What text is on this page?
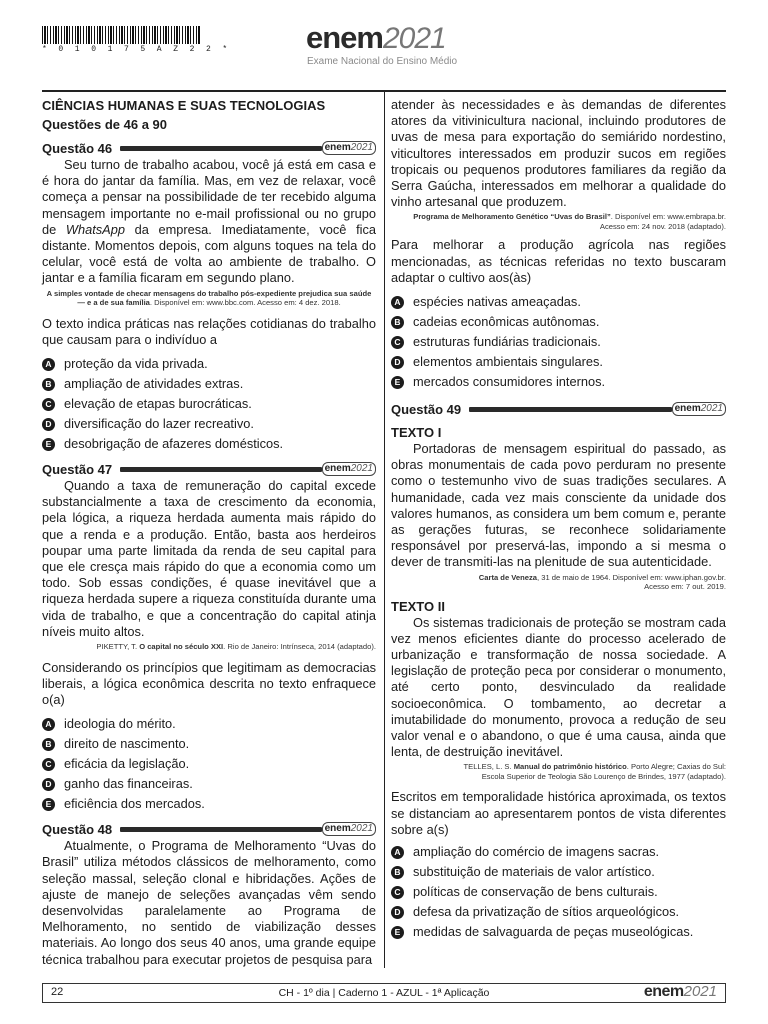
* 0 1 0 1 7 5 A Z 2 2 * enem2021
Exame Nacional do Ensino Médio
CIÊNCIAS HUMANAS E SUAS TECNOLOGIAS
Questões de 46 a 90
Questão 46	enem2021

Seu turno de trabalho acabou, você já está em casa e é hora do jantar da família. Mas, em vez de relaxar, você começa a pensar na possibilidade de ter recebido alguma mensagem importante no e-mail profissional ou no grupo de WhatsApp da empresa. Imediatamente, você fica distante. Momentos depois, com alguns toques na tela do celular, você está de volta ao ambiente de trabalho. O jantar e a família ficaram em segundo plano.

A simples vontade de checar mensagens do trabalho pós-expediente prejudica sua saúde — e a de sua família. Disponível em: www.bbc.com. Acesso em: 4 dez. 2018.

O texto indica práticas nas relações cotidianas do trabalho que causam para o indivíduo a

A proteção da vida privada.
B ampliação de atividades extras.
C elevação de etapas burocráticas.
D diversificação do lazer recreativo.
E desobrigação de afazeres domésticos.
Questão 47	enem2021

Quando a taxa de remuneração do capital excede substancialmente a taxa de crescimento da economia, pela lógica, a riqueza herdada aumenta mais rápido do que a renda e a produção. Então, basta aos herdeiros poupar uma parte limitada da renda de seu capital para que ele cresça mais rápido do que a economia como um todo. Sob essas condições, é quase inevitável que a riqueza herdada supere a riqueza constituída durante uma vida de trabalho, e que a concentração do capital atinja níveis muito altos.

PIKETTY, T. O capital no século XXI. Rio de Janeiro: Intrínseca, 2014 (adaptado).

Considerando os princípios que legitimam as democracias liberais, a lógica econômica descrita no texto enfraquece o(a)

A ideologia do mérito.
B direito de nascimento.
C eficácia da legislação.
D ganho das financeiras.
E eficiência dos mercados.
Questão 48	enem2021

Atualmente, o Programa de Melhoramento “Uvas do Brasil” utiliza métodos clássicos de melhoramento, como seleção massal, seleção clonal e hibridações. Ações de ajuste de manejo de seleções avançadas vêm sendo desenvolvidas paralelamente ao Programa de Melhoramento, no sentido de viabilização desses materiais. Ao longo dos seus 40 anos, uma grande equipe técnica trabalhou para executar projetos de pesquisa para

atender às necessidades e às demandas de diferentes atores da vitivinicultura nacional, incluindo produtores de uvas de mesa para exportação do semiárido nordestino, viticultores interessados em produzir sucos em regiões tropicais ou pequenos produtores familiares da região da Serra Gaúcha, interessados em melhorar a qualidade do vinho artesanal que produzem.

Programa de Melhoramento Genético “Uvas do Brasil”. Disponível em: www.embrapa.br.
Acesso em: 24 nov. 2018 (adaptado).

Para melhorar a produção agrícola nas regiões mencionadas, as técnicas referidas no texto buscaram adaptar o cultivo aos(às)

A espécies nativas ameaçadas.
B cadeias econômicas autônomas.
C estruturas fundiárias tradicionais.
D elementos ambientais singulares.
E mercados consumidores internos.
Questão 49	enem2021
TEXTO I

Portadoras de mensagem espiritual do passado, as obras monumentais de cada povo perduram no presente como o testemunho vivo de suas tradições seculares. A humanidade, cada vez mais consciente da unidade dos valores humanos, as considera um bem comum e, perante as gerações futuras, se reconhece solidariamente responsável por preservá-las, impondo a si mesma o dever de transmiti-las na plenitude de sua autenticidade.

Carta de Veneza, 31 de maio de 1964. Disponível em: www.iphan.gov.br.
Acesso em: 7 out. 2019.
TEXTO II

Os sistemas tradicionais de proteção se mostram cada vez menos eficientes diante do processo acelerado de urbanização e transformação de nossa sociedade. A legislação de proteção peca por considerar o monumento, até certo ponto, desvinculado da realidade socioeconômica. O tombamento, ao decretar a imutabilidade do monumento, provoca a redução de seu valor venal e o abandono, o que é uma causa, ainda que lenta, de destruição inevitável.

TELLES, L. S. Manual do patrimônio histórico. Porto Alegre; Caxias do Sul:
Escola Superior de Teologia São Lourenço de Brindes, 1977 (adaptado).

Escritos em temporalidade histórica aproximada, os textos se distanciam ao apresentarem pontos de vista diferentes sobre a(s)

A ampliação do comércio de imagens sacras.
B substituição de materiais de valor artístico.
C políticas de conservação de bens culturais.
D defesa da privatização de sítios arqueológicos.
E medidas de salvaguarda de peças museológicas.
22	CH - 1º dia | Caderno 1 - AZUL - 1ª Aplicação	enem2021
